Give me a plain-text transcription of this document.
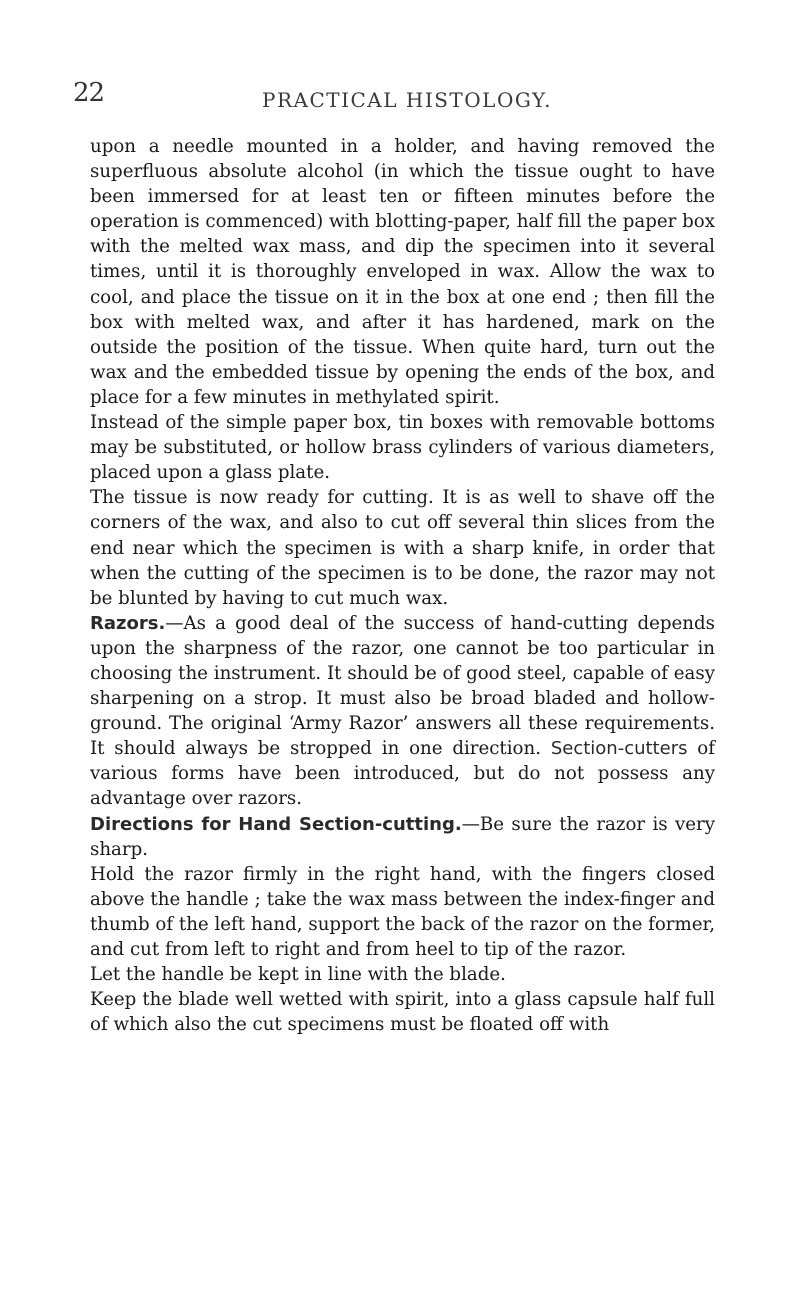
22	PRACTICAL HISTOLOGY.

upon a needle mounted in a holder, and having removed the superfluous absolute alcohol (in which the tissue ought to have been immersed for at least ten or fifteen minutes before the operation is commenced) with blotting-paper, half fill the paper box with the melted wax mass, and dip the specimen into it several times, until it is thoroughly enveloped in wax. Allow the wax to cool, and place the tissue on it in the box at one end ; then fill the box with melted wax, and after it has hardened, mark on the outside the position of the tissue. When quite hard, turn out the wax and the embedded tissue by opening the ends of the box, and place for a few minutes in methylated spirit.

Instead of the simple paper box, tin boxes with removable bottoms may be substituted, or hollow brass cylinders of various diameters, placed upon a glass plate.

The tissue is now ready for cutting. It is as well to shave off the corners of the wax, and also to cut off several thin slices from the end near which the specimen is with a sharp knife, in order that when the cutting of the specimen is to be done, the razor may not be blunted by having to cut much wax.

Razors.—As a good deal of the success of hand-cutting depends upon the sharpness of the razor, one cannot be too particular in choosing the instrument. It should be of good steel, capable of easy sharpening on a strop. It must also be broad bladed and hollow-ground. The original ‘Army Razor’ answers all these requirements. It should always be stropped in one direction. Section-cutters of various forms have been introduced, but do not possess any advantage over razors.

Directions for Hand Section-cutting.—Be sure the razor is very sharp.

Hold the razor firmly in the right hand, with the fingers closed above the handle ; take the wax mass between the index-finger and thumb of the left hand, support the back of the razor on the former, and cut from left to right and from heel to tip of the razor.

Let the handle be kept in line with the blade.

Keep the blade well wetted with spirit, into a glass capsule half full of which also the cut specimens must be floated off with
